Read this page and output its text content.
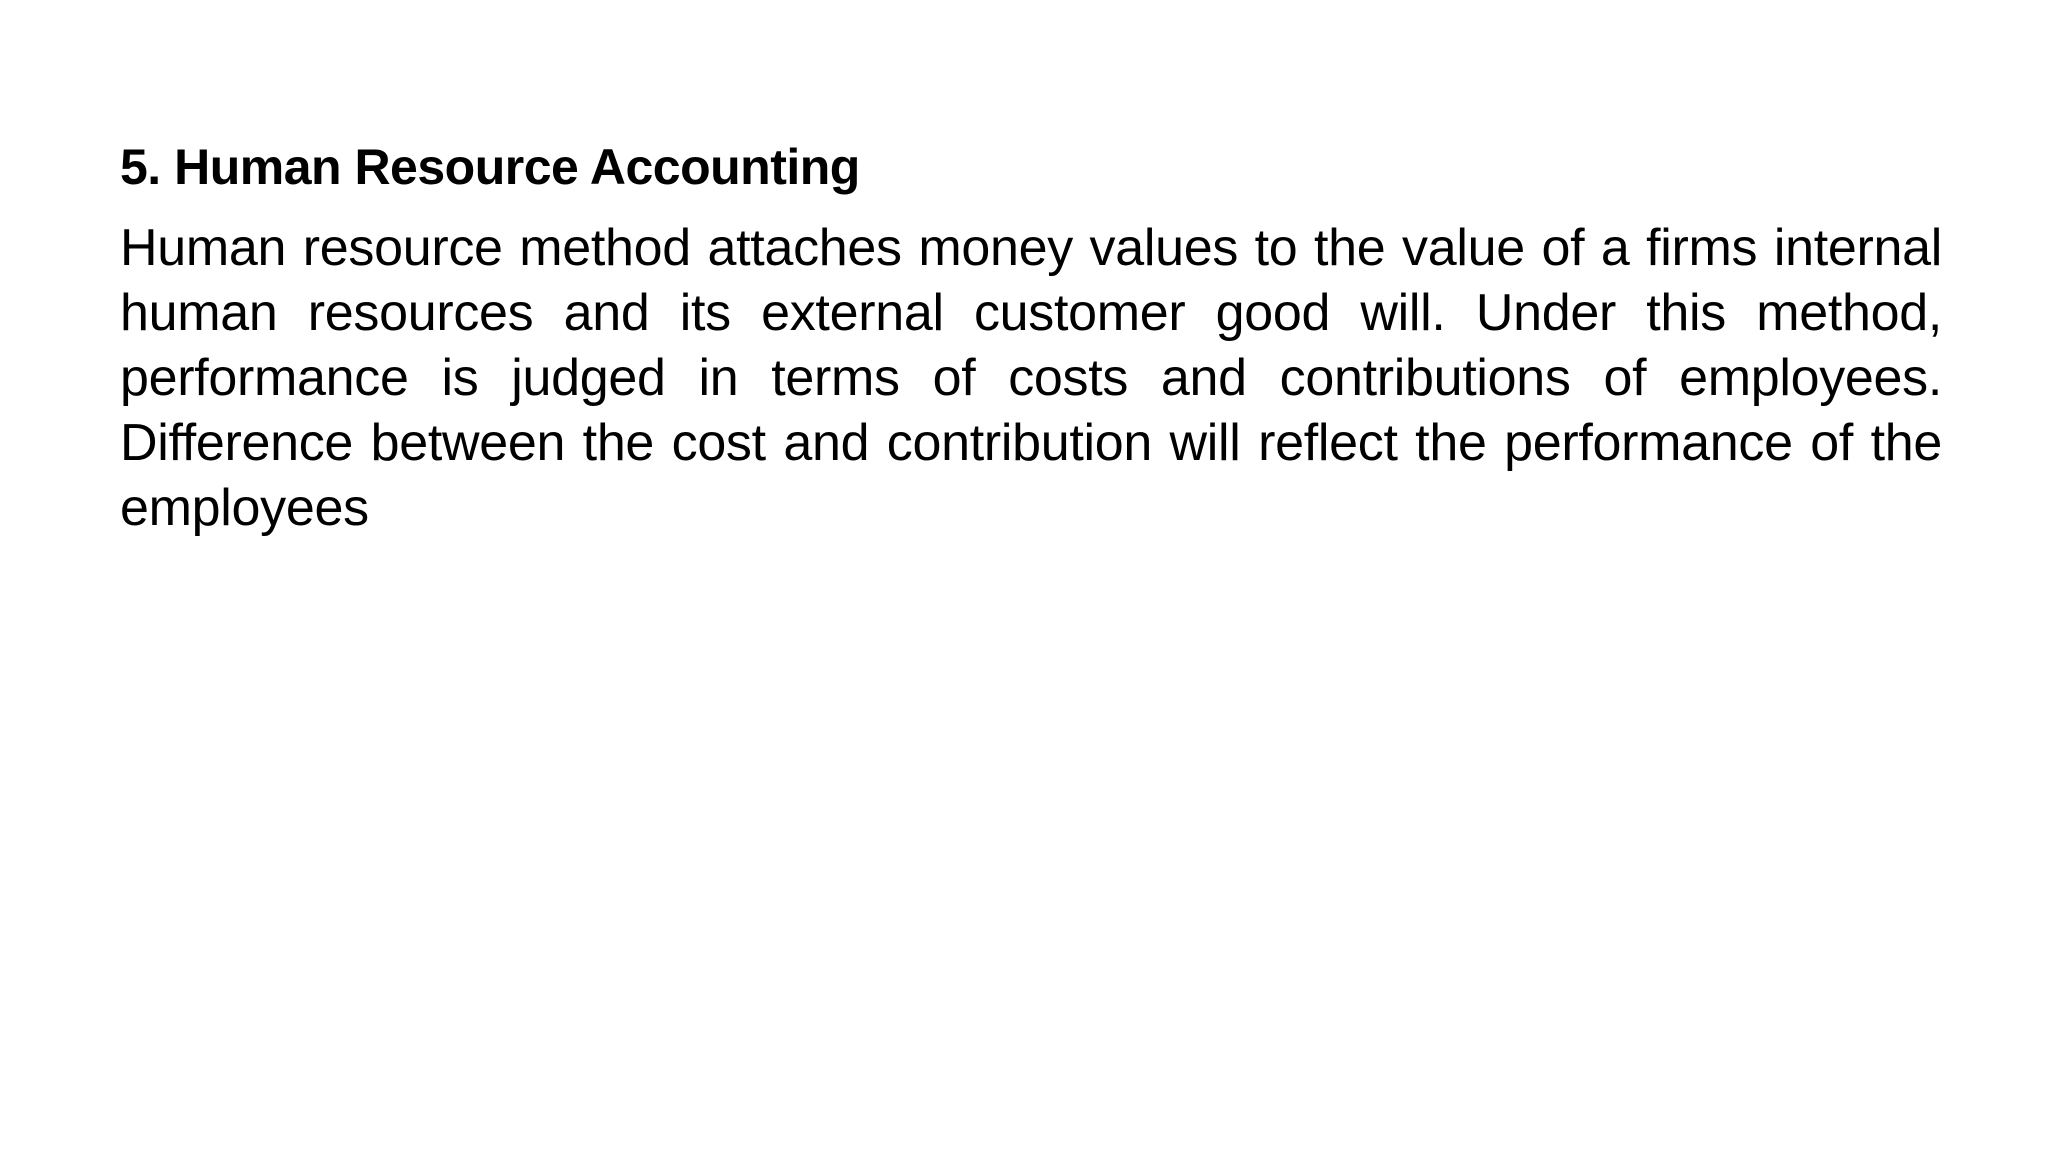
5. Human Resource Accounting

Human resource method attaches money values to the value of a firms internal human resources and its external customer good will. Under this method, performance is judged in terms of costs and contributions of employees. Difference between the cost and contribution will reflect the performance of the employees
